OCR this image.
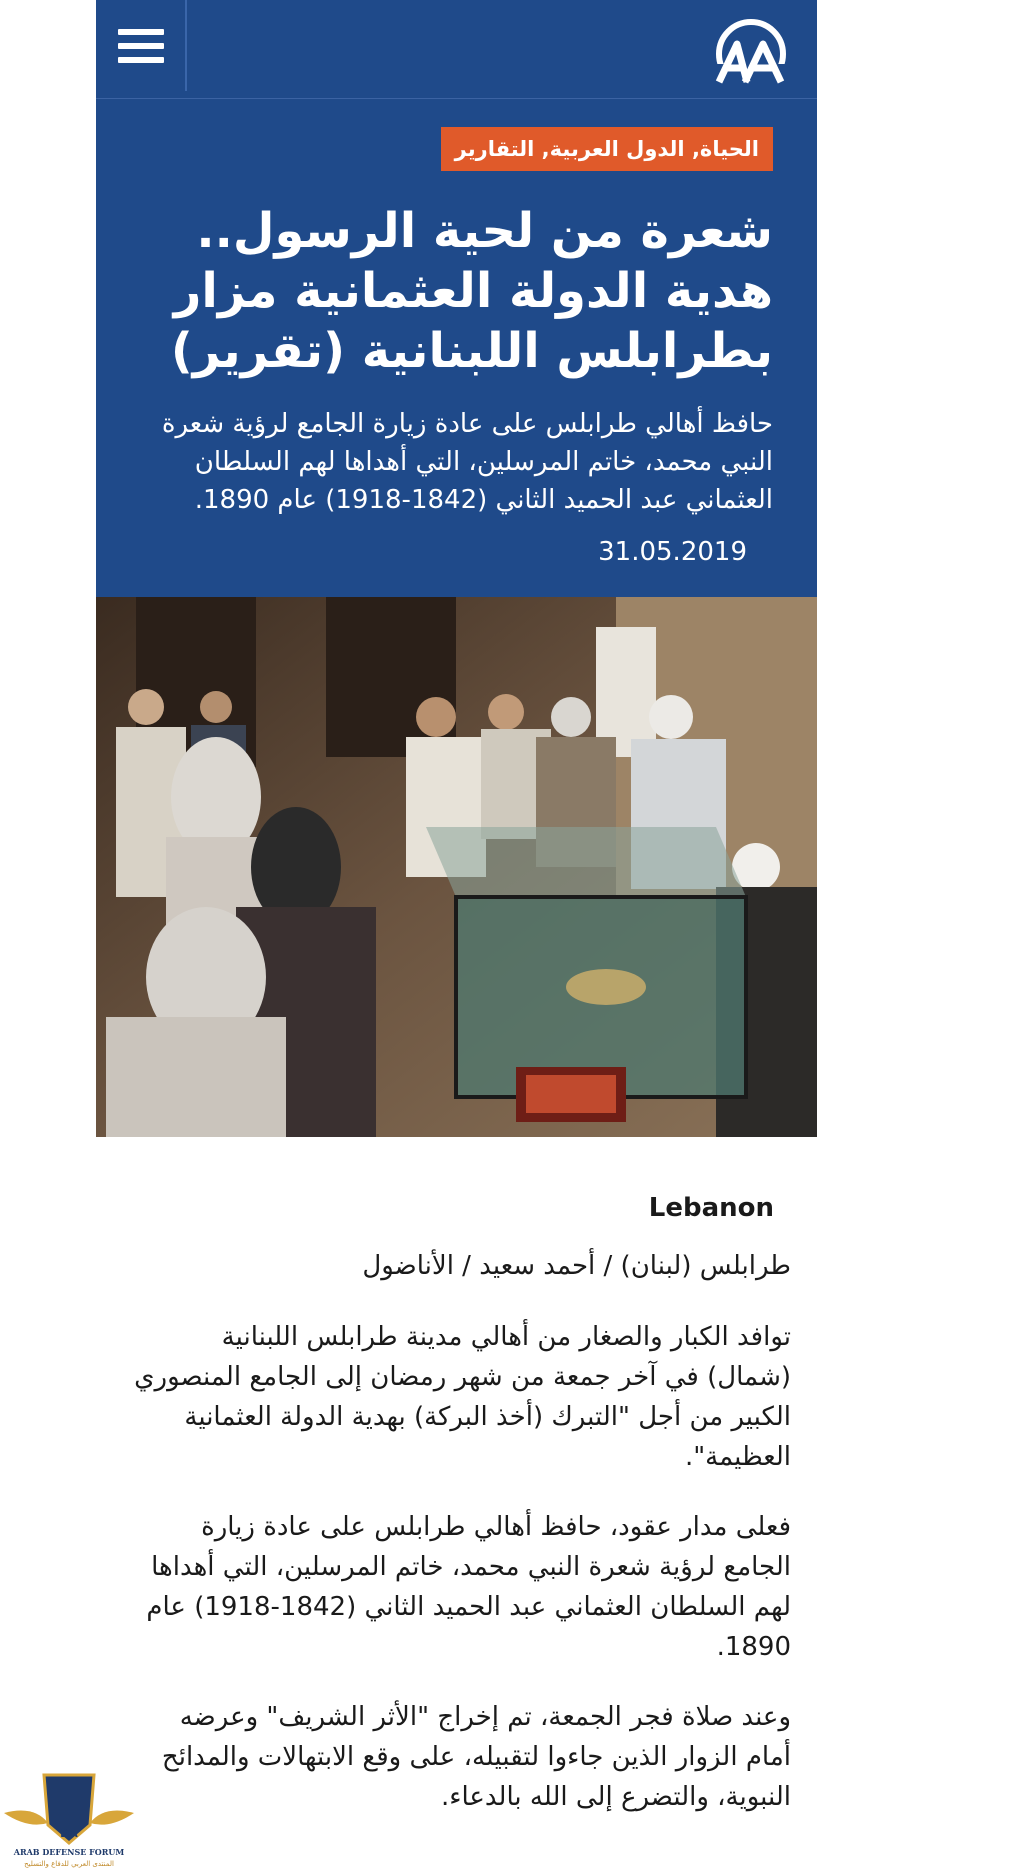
الحياة, الدول العربية, التقارير
شعرة من لحية الرسول.. هدية الدولة العثمانية مزار بطرابلس اللبنانية (تقرير)

حافظ أهالي طرابلس على عادة زيارة الجامع لرؤية شعرة النبي محمد، خاتم المرسلين، التي أهداها لهم السلطان العثماني عبد الحميد الثاني (1842-1918) عام 1890.

31.05.2019
Lebanon
طرابلس (لبنان) / أحمد سعيد / الأناضول

توافد الكبار والصغار من أهالي مدينة طرابلس اللبنانية (شمال) في آخر جمعة من شهر رمضان إلى الجامع المنصوري الكبير من أجل "التبرك (أخذ البركة) بهدية الدولة العثمانية العظيمة".

فعلى مدار عقود، حافظ أهالي طرابلس على عادة زيارة الجامع لرؤية شعرة النبي محمد، خاتم المرسلين، التي أهداها لهم السلطان العثماني عبد الحميد الثاني (1842-1918) عام 1890.

وعند صلاة فجر الجمعة، تم إخراج "الأثر الشريف" وعرضه أمام الزوار الذين جاءوا لتقبيله، على وقع الابتهالات والمدائح النبوية، والتضرع إلى الله بالدعاء.

DA
ARAB DEFENSE FORUM
المنتدى العربي للدفاع والتسليح
